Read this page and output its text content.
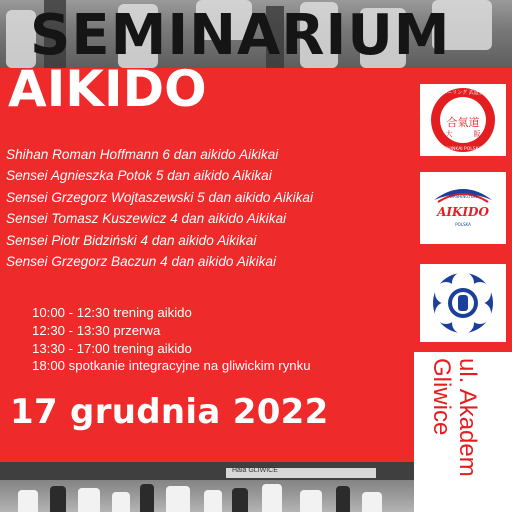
SEMINARIUM
AIKIDO
Shihan Roman Hoffmann 6 dan aikido Aikikai
Sensei Agnieszka Potok 5 dan aikido Aikikai
Sensei Grzegorz Wojtaszewski 5 dan aikido Aikikai
Sensei Tomasz Kuszewicz 4 dan aikido Aikikai
Sensei Piotr Bidziński 4 dan aikido Aikikai
Sensei Grzegorz Baczun 4 dan aikido Aikikai
10:00 - 12:30 trening aikido
12:30 - 13:30 przerwa
13:30 - 17:00 trening aikido
18:00 spotkanie integracyjne na gliwickim rynku
17 grudnia 2022
ホーリング 武道会
SHINKAI POLSKA
合氣道
大	阪
WASHINGTON
AIKIDO
POLSKA
Gliwice ul. Akadem
Hala GLIWICE
